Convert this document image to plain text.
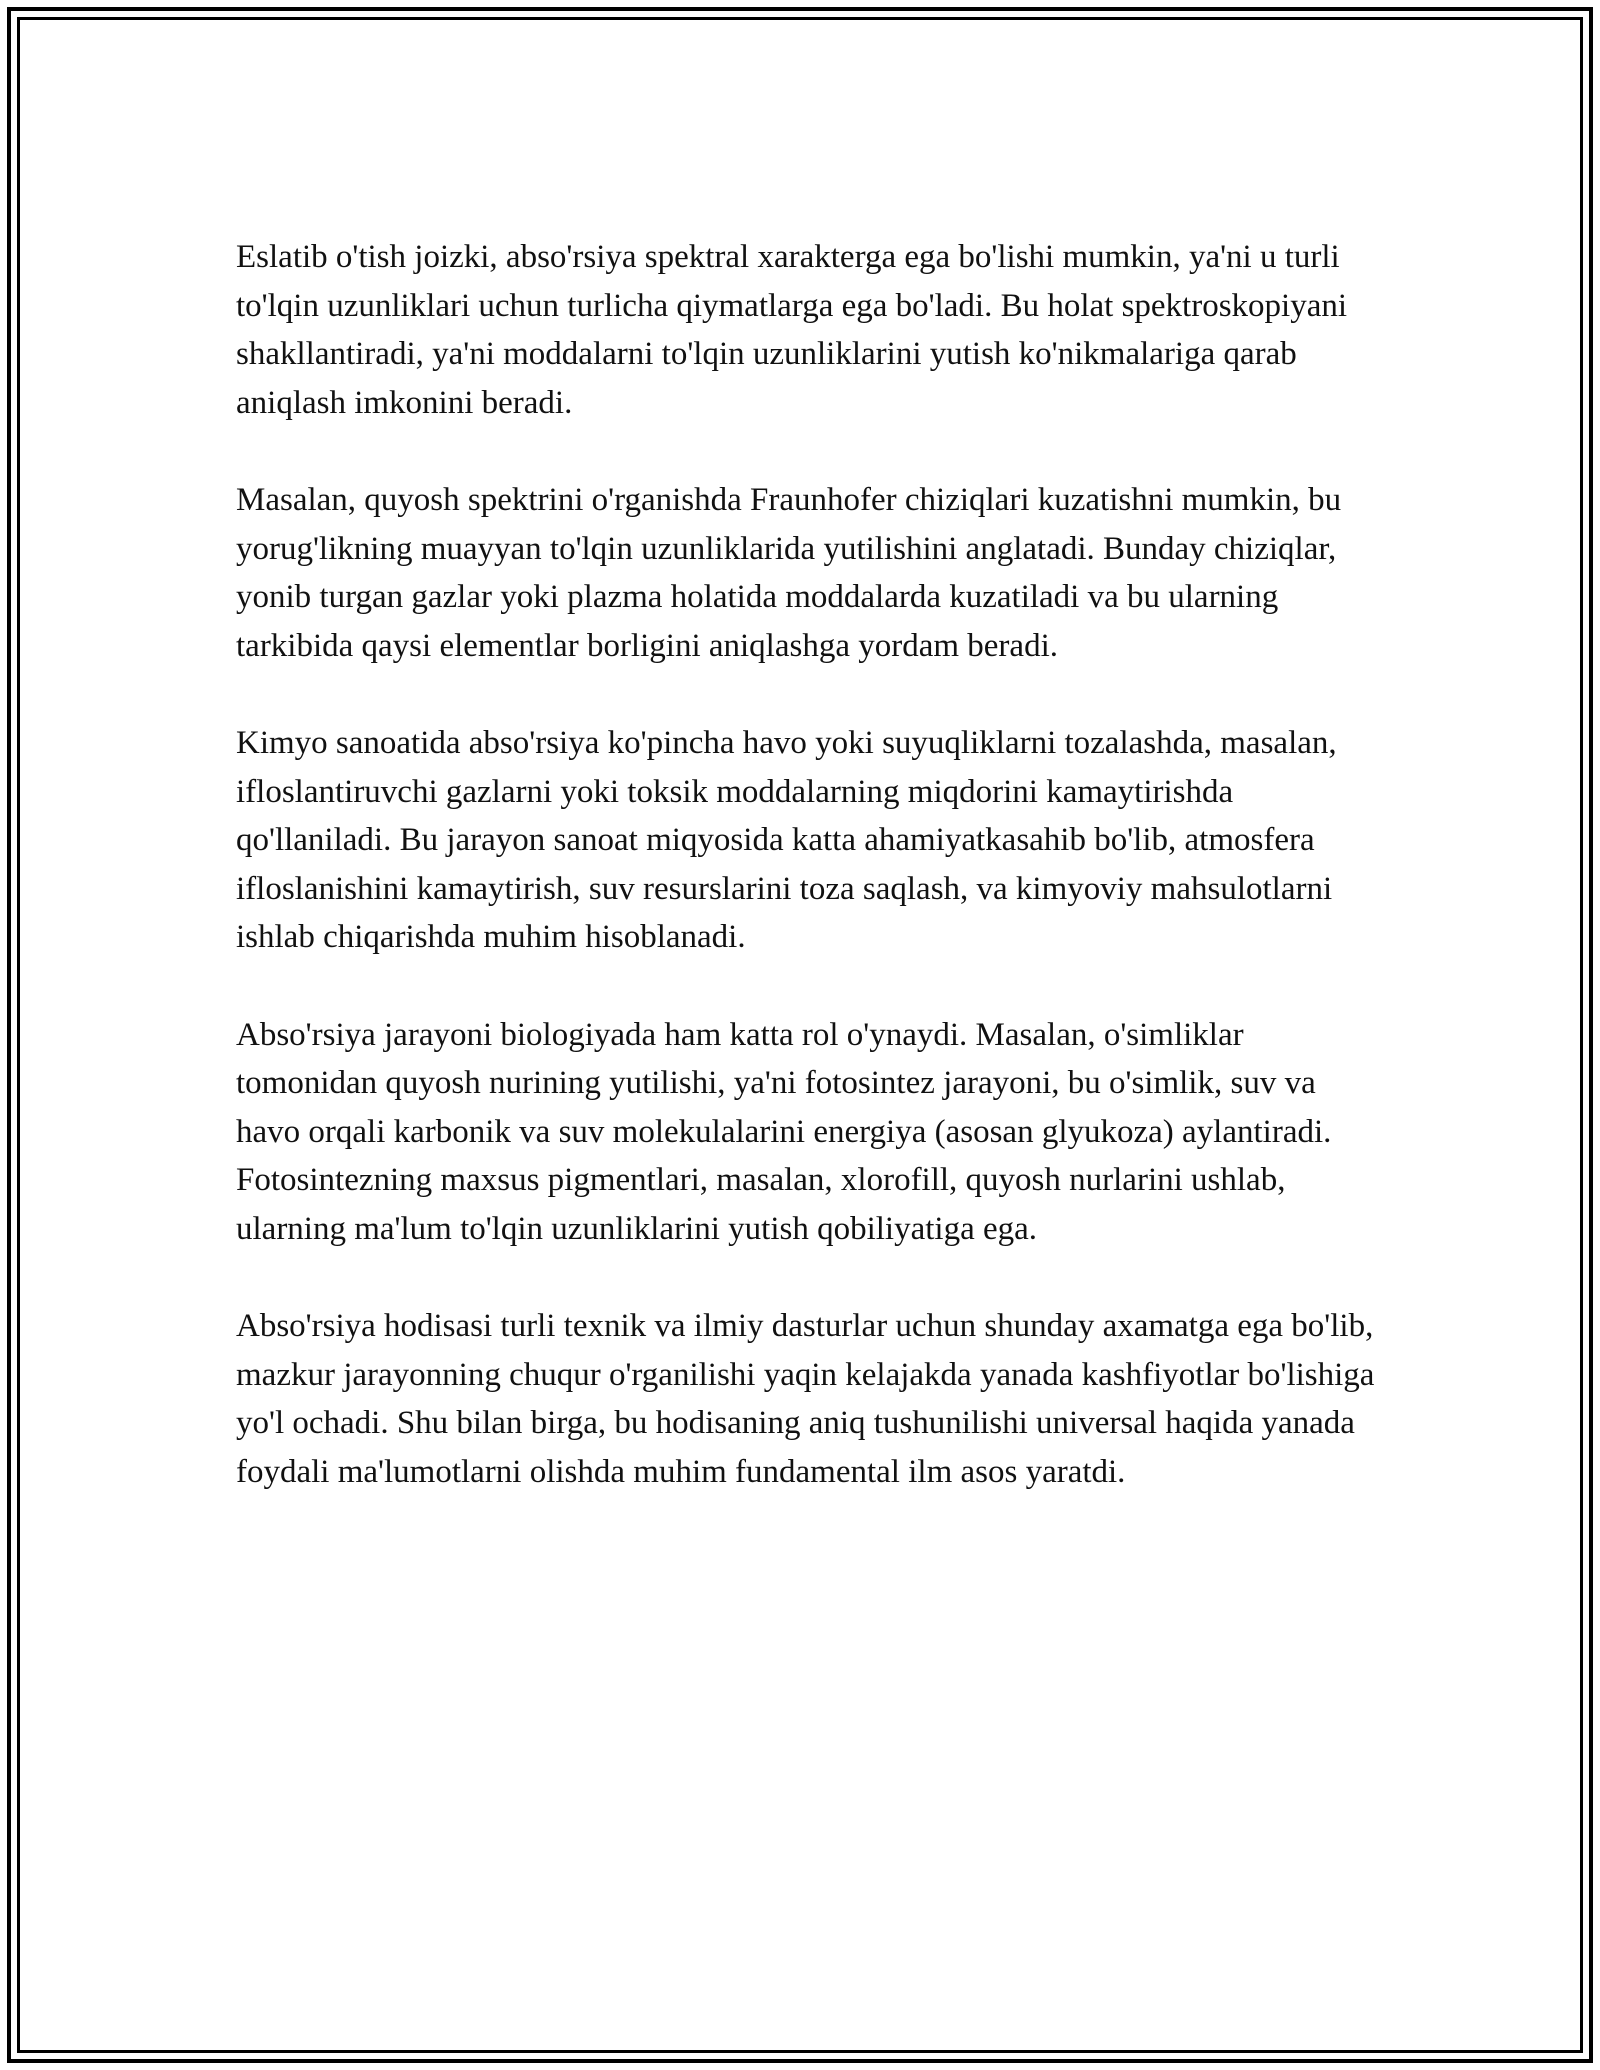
Eslatib o'tish joizki, abso'rsiya spektral xarakterga ega bo'lishi mumkin, ya'ni u turli to'lqin uzunliklari uchun turlicha qiymatlarga ega bo'ladi. Bu holat spektroskopiyani shakllantiradi, ya'ni moddalarni to'lqin uzunliklarini yutish ko'nikmalariga qarab aniqlash imkonini beradi.

Masalan, quyosh spektrini o'rganishda Fraunhofer chiziqlari kuzatishni mumkin, bu yorug'likning muayyan to'lqin uzunliklarida yutilishini anglatadi. Bunday chiziqlar, yonib turgan gazlar yoki plazma holatida moddalarda kuzatiladi va bu ularning tarkibida qaysi elementlar borligini aniqlashga yordam beradi.

Kimyo sanoatida abso'rsiya ko'pincha havo yoki suyuqliklarni tozalashda, masalan, ifloslantiruvchi gazlarni yoki toksik moddalarning miqdorini kamaytirishda qo'llaniladi. Bu jarayon sanoat miqyosida katta ahamiyatkasahib bo'lib, atmosfera ifloslanishini kamaytirish, suv resurslarini toza saqlash, va kimyoviy mahsulotlarni ishlab chiqarishda muhim hisoblanadi.

Abso'rsiya jarayoni biologiyada ham katta rol o'ynaydi. Masalan, o'simliklar tomonidan quyosh nurining yutilishi, ya'ni fotosintez jarayoni, bu o'simlik, suv va havo orqali karbonik va suv molekulalarini energiya (asosan glyukoza) aylantiradi. Fotosintezning maxsus pigmentlari, masalan, xlorofill, quyosh nurlarini ushlab, ularning ma'lum to'lqin uzunliklarini yutish qobiliyatiga ega.

Abso'rsiya hodisasi turli texnik va ilmiy dasturlar uchun shunday axamatga ega bo'lib, mazkur jarayonning chuqur o'rganilishi yaqin kelajakda yanada kashfiyotlar bo'lishiga yo'l ochadi. Shu bilan birga, bu hodisaning aniq tushunilishi universal haqida yanada foydali ma'lumotlarni olishda muhim fundamental ilm asos yaratdi.
